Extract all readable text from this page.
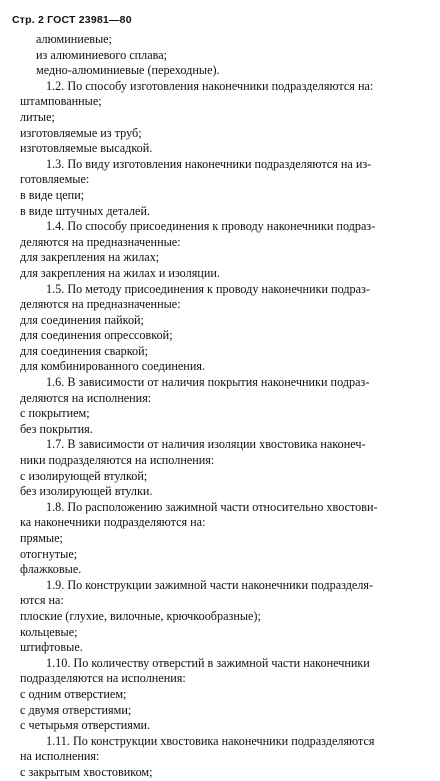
Стр. 2 ГОСТ 23981—80
алюминиевые;
из алюминиевого сплава;
медно-алюминиевые (переходные).
1.2. По способу изготовления наконечники подразделяются на:
штампованные;
литые;
изготовляемые из труб;
изготовляемые высадкой.
1.3. По виду изготовления наконечники подразделяются на из-
готовляемые:
в виде цепи;
в виде штучных деталей.
1.4. По способу присоединения к проводу наконечники подраз-
деляются на предназначенные:
для закрепления на жилах;
для закрепления на жилах и изоляции.
1.5. По методу присоединения к проводу наконечники подраз-
деляются на предназначенные:
для соединения пайкой;
для соединения опрессовкой;
для соединения сваркой;
для комбинированного соединения.
1.6. В зависимости от наличия покрытия наконечники подраз-
деляются на исполнения:
с покрытием;
без покрытия.
1.7. В зависимости от наличия изоляции хвостовика наконеч-
ники подразделяются на исполнения:
с изолирующей втулкой;
без изолирующей втулки.
1.8. По расположению зажимной части относительно хвостови-
ка наконечники подразделяются на:
прямые;
отогнутые;
флажковые.
1.9. По конструкции зажимной части наконечники подразделя-
ются на:
плоские (глухие, вилочные, крючкообразные);
кольцевые;
штифтовые.
1.10. По количеству отверстий в зажимной части наконечники
подразделяются на исполнения:
с одним отверстием;
с двумя отверстиями;
с четырьмя отверстиями.
1.11. По конструкции хвостовика наконечники подразделяются
на исполнения:
с закрытым хвостовиком;
